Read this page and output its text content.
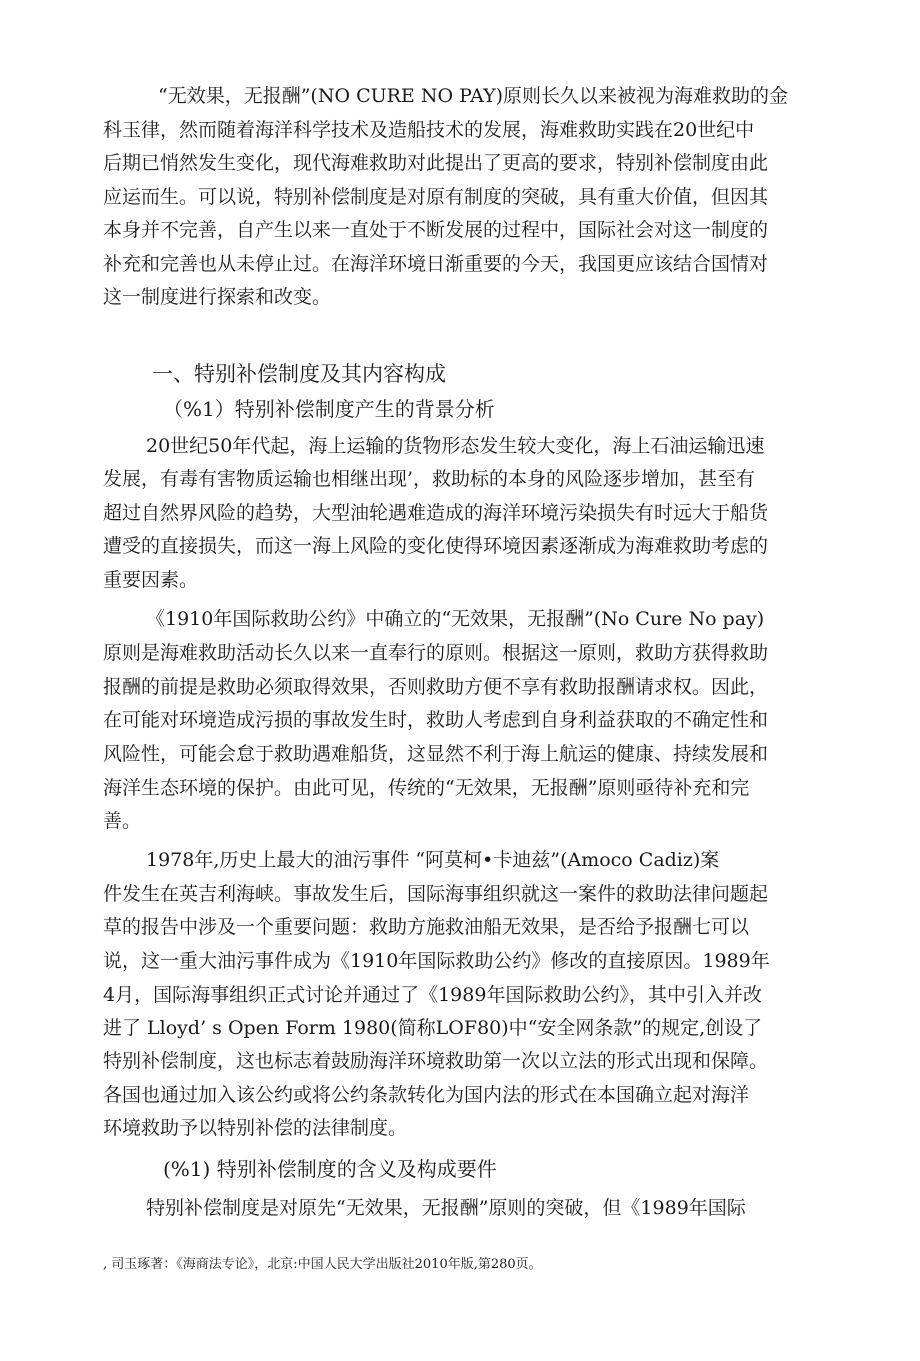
“无效果，无报酬”(NO CURE NO PAY)原则长久以来被视为海难救助的金
科玉律，然而随着海洋科学技术及造船技术的发展，海难救助实践在20世纪中
后期已悄然发生变化，现代海难救助对此提出了更高的要求，特别补偿制度由此
应运而生。可以说，特别补偿制度是对原有制度的突破，具有重大价值，但因其
本身并不完善，自产生以来一直处于不断发展的过程中，国际社会对这一制度的
补充和完善也从未停止过。在海洋环境日渐重要的今天，我国更应该结合国情对
这一制度进行探索和改变。
一、特别补偿制度及其内容构成
（%1）特别补偿制度产生的背景分析
20世纪50年代起，海上运输的货物形态发生较大变化，海上石油运输迅速
发展，有毒有害物质运输也相继出现’，救助标的本身的风险逐步增加，甚至有
超过自然界风险的趋势，大型油轮遇难造成的海洋环境污染损失有时远大于船货
遭受的直接损失，而这一海上风险的变化使得环境因素逐渐成为海难救助考虑的
重要因素。
《1910年国际救助公约》中确立的“无效果，无报酬”(No Cure No pay)
原则是海难救助活动长久以来一直奉行的原则。根据这一原则，救助方获得救助
报酬的前提是救助必须取得效果，否则救助方便不享有救助报酬请求权。因此，
在可能对环境造成污损的事故发生时，救助人考虑到自身利益获取的不确定性和
风险性，可能会怠于救助遇难船货，这显然不利于海上航运的健康、持续发展和
海洋生态环境的保护。由此可见，传统的“无效果，无报酬”原则亟待补充和完
善。
1978年,历史上最大的油污事件 “阿莫柯•卡迪兹”(Amoco Cadiz)案
件发生在英吉利海峡。事故发生后，国际海事组织就这一案件的救助法律问题起
草的报告中涉及一个重要问题：救助方施救油船无效果，是否给予报酬七可以
说，这一重大油污事件成为《1910年国际救助公约》修改的直接原因。1989年
4月，国际海事组织正式讨论并通过了《1989年国际救助公约》，其中引入并改
进了 Lloyd’ s Open Form 1980(简称LOF80)中“安全网条款”的规定,创设了
特别补偿制度，这也标志着鼓励海洋环境救助第一次以立法的形式出现和保障。
各国也通过加入该公约或将公约条款转化为国内法的形式在本国确立起对海洋
环境救助予以特别补偿的法律制度。
(%1) 特别补偿制度的含义及构成要件
特别补偿制度是对原先“无效果，无报酬”原则的突破，但《1989年国际
, 司玉琢著：《海商法专论》，北京:中国人民大学出版社2010年版,第280页。
